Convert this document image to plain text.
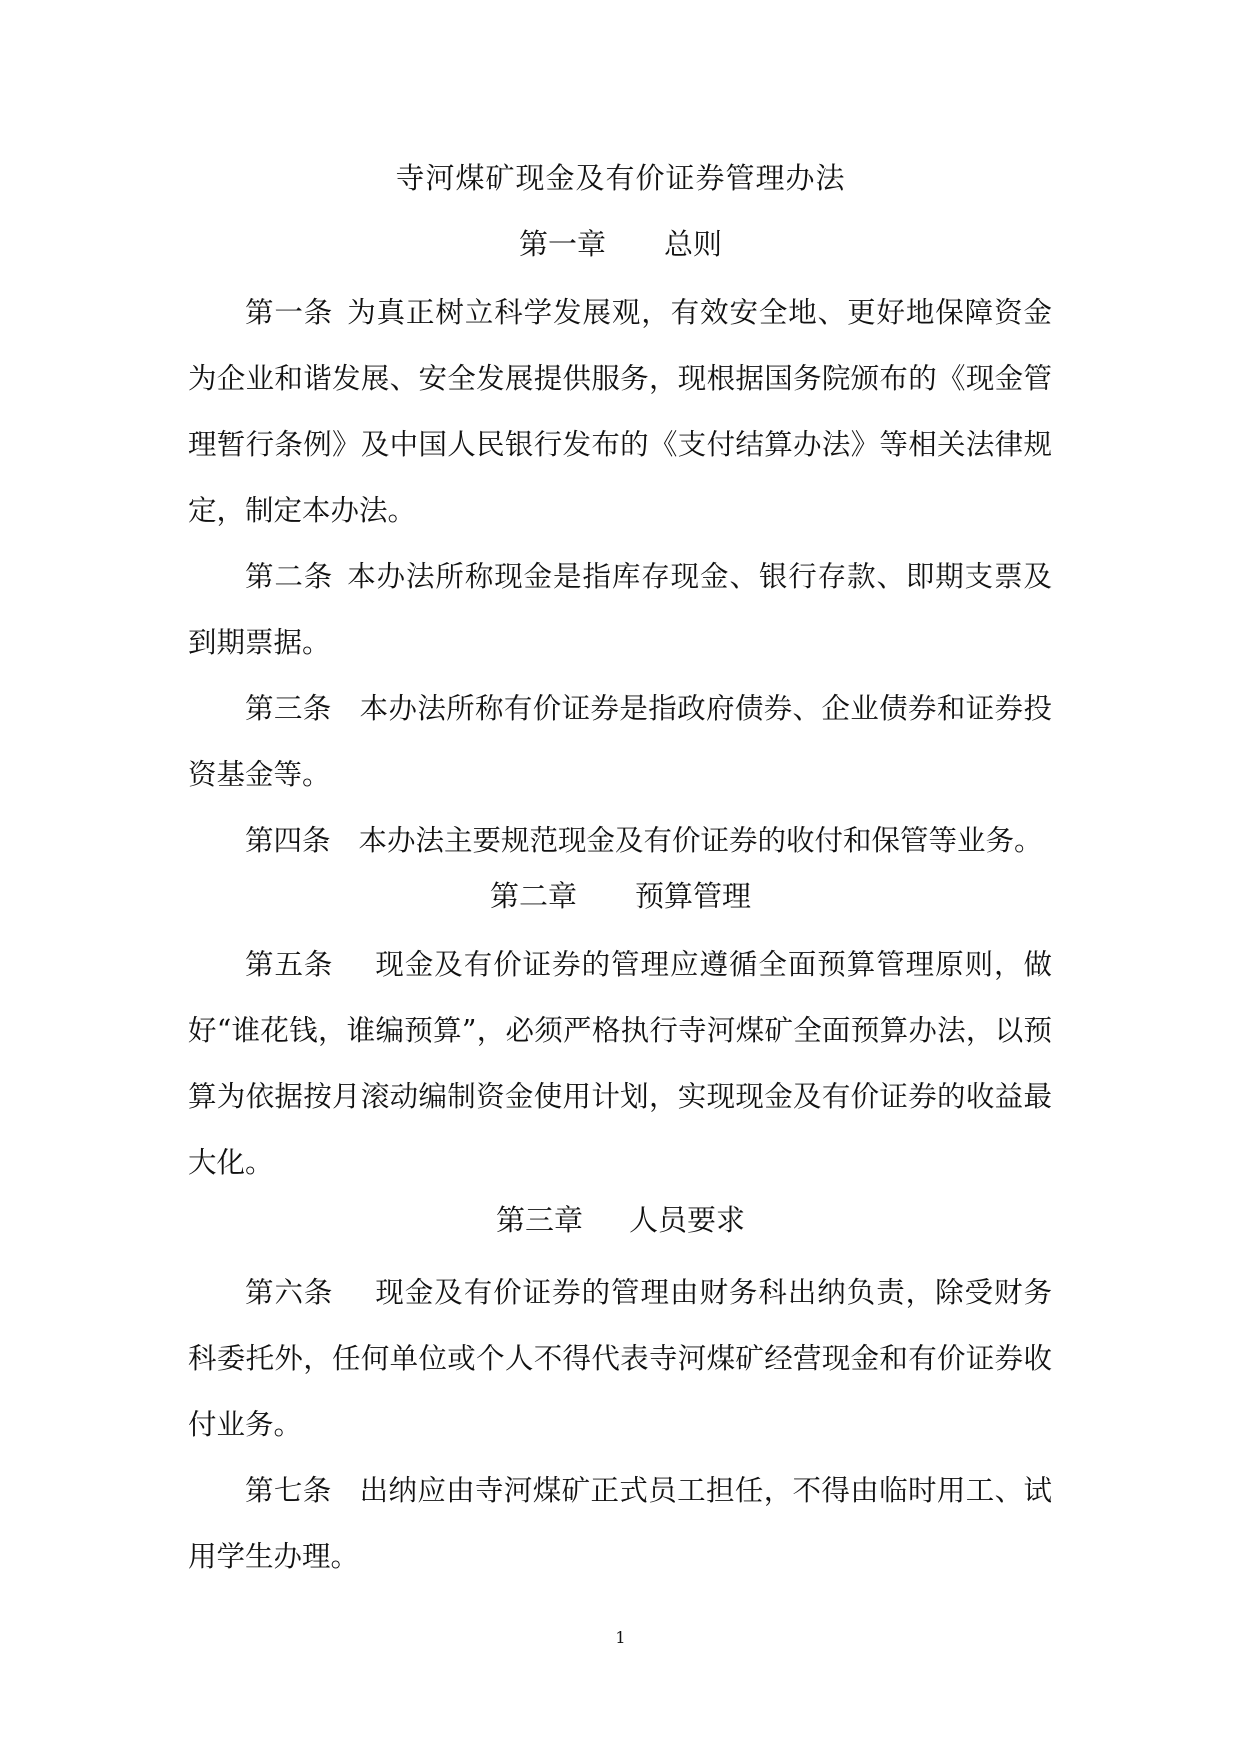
寺河煤矿现金及有价证券管理办法
第一章 总则

第一条 为真正树立科学发展观，有效安全地、更好地保障资金为企业和谐发展、安全发展提供服务，现根据国务院颁布的《现金管理暂行条例》及中国人民银行发布的《支付结算办法》等相关法律规定，制定本办法。

第二条 本办法所称现金是指库存现金、银行存款、即期支票及到期票据。

第三条 本办法所称有价证券是指政府债券、企业债券和证券投资基金等。

第四条 本办法主要规范现金及有价证券的收付和保管等业务。

第二章 预算管理

第五条 现金及有价证券的管理应遵循全面预算管理原则，做好“谁花钱，谁编预算”，必须严格执行寺河煤矿全面预算办法，以预算为依据按月滚动编制资金使用计划，实现现金及有价证券的收益最大化。

第三章 人员要求

第六条 现金及有价证券的管理由财务科出纳负责，除受财务科委托外，任何单位或个人不得代表寺河煤矿经营现金和有价证券收付业务。

第七条 出纳应由寺河煤矿正式员工担任，不得由临时用工、试用学生办理。

1
